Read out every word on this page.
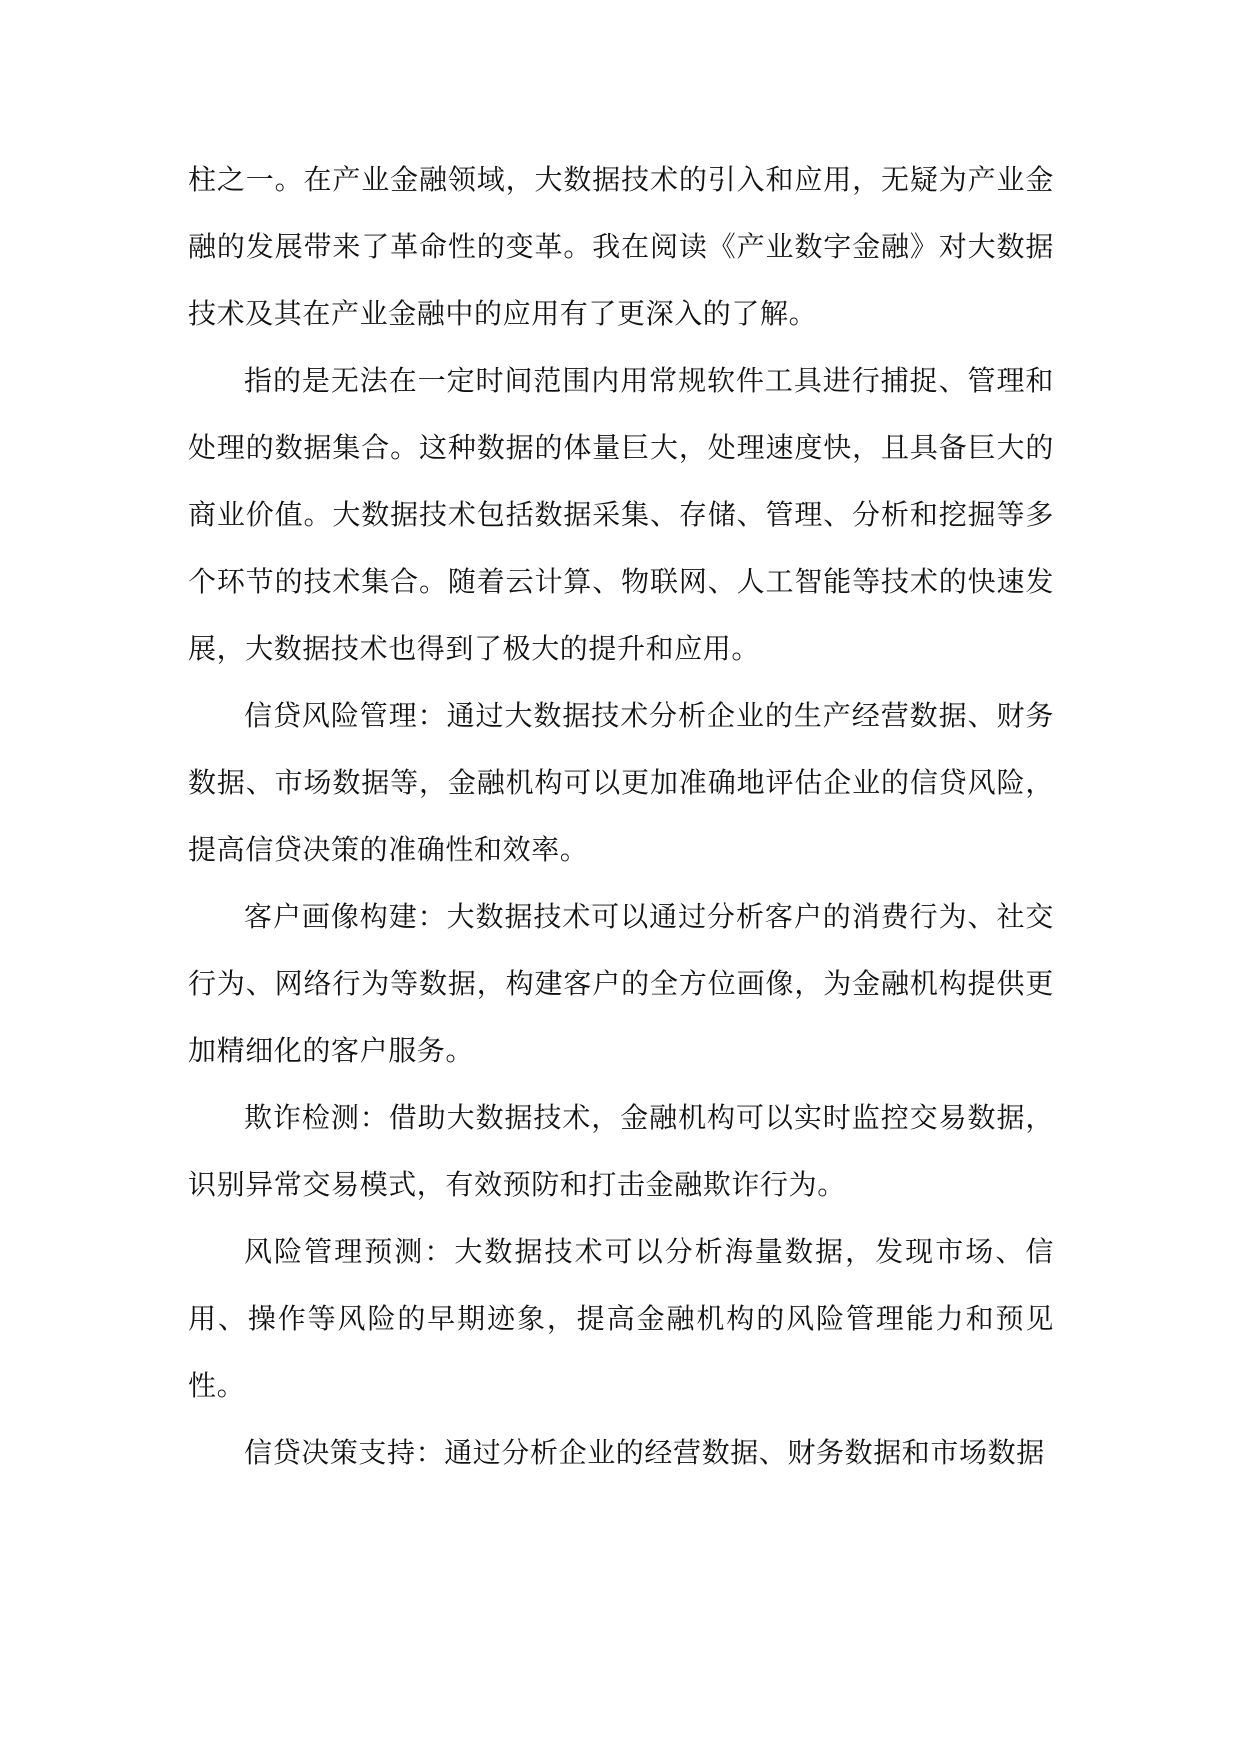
柱之一。在产业金融领域，大数据技术的引入和应用，无疑为产业金融的发展带来了革命性的变革。我在阅读《产业数字金融》对大数据技术及其在产业金融中的应用有了更深入的了解。

指的是无法在一定时间范围内用常规软件工具进行捕捉、管理和处理的数据集合。这种数据的体量巨大，处理速度快，且具备巨大的商业价值。大数据技术包括数据采集、存储、管理、分析和挖掘等多个环节的技术集合。随着云计算、物联网、人工智能等技术的快速发展，大数据技术也得到了极大的提升和应用。

信贷风险管理：通过大数据技术分析企业的生产经营数据、财务数据、市场数据等，金融机构可以更加准确地评估企业的信贷风险，提高信贷决策的准确性和效率。

客户画像构建：大数据技术可以通过分析客户的消费行为、社交行为、网络行为等数据，构建客户的全方位画像，为金融机构提供更加精细化的客户服务。

欺诈检测：借助大数据技术，金融机构可以实时监控交易数据，识别异常交易模式，有效预防和打击金融欺诈行为。

风险管理预测：大数据技术可以分析海量数据，发现市场、信用、操作等风险的早期迹象，提高金融机构的风险管理能力和预见性。

信贷决策支持：通过分析企业的经营数据、财务数据和市场数据
